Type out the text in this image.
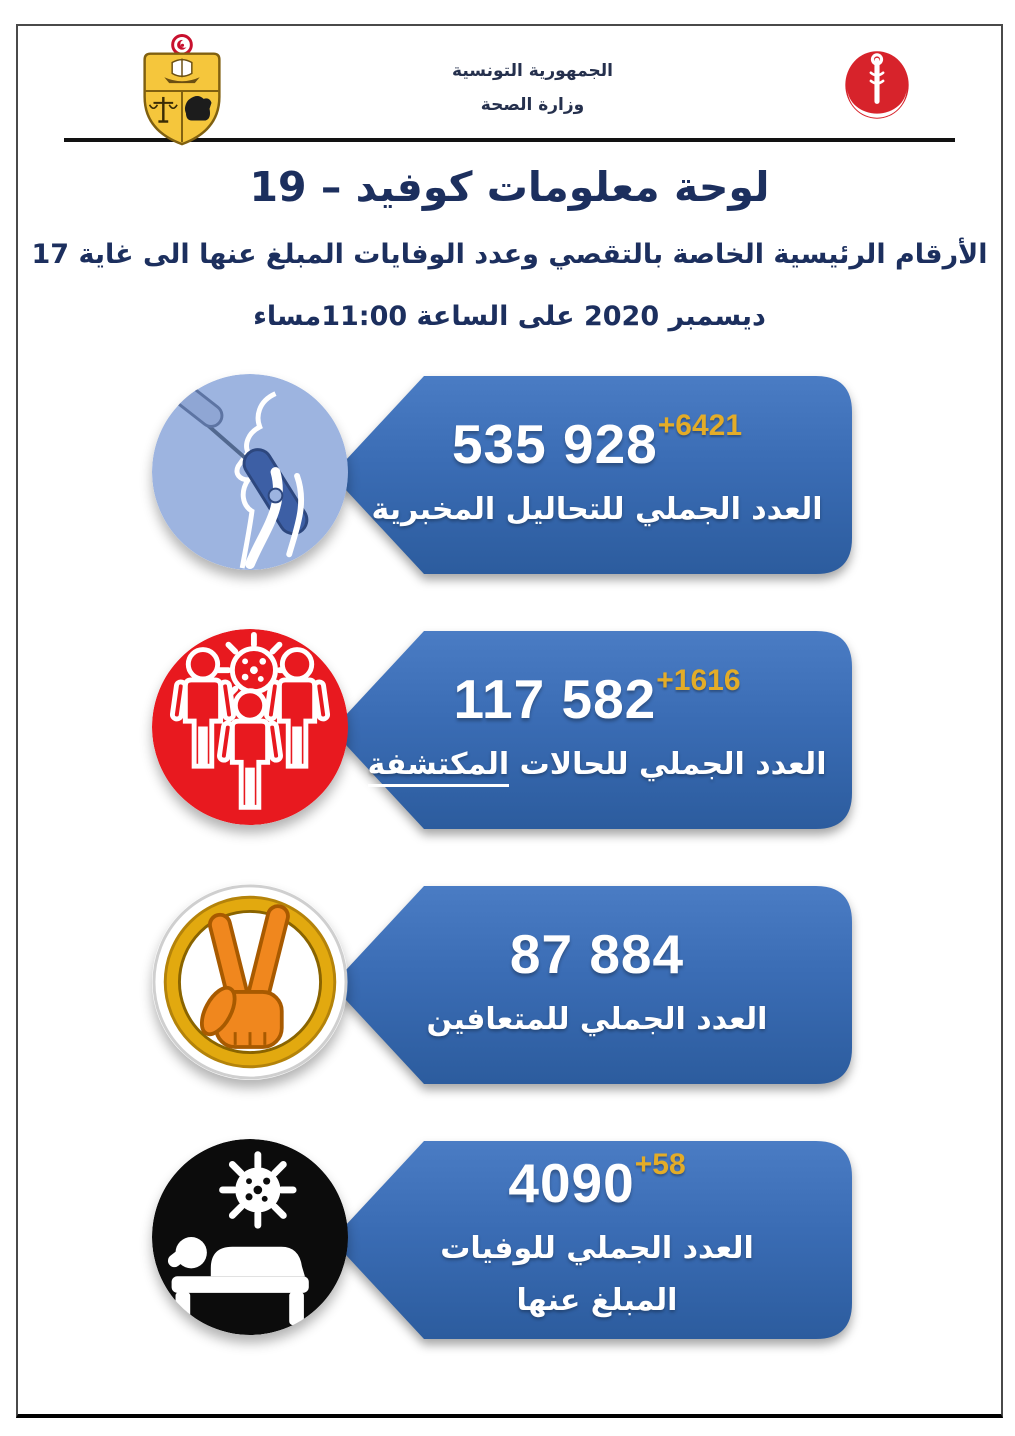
الجمهورية التونسية
وزارة الصحة
لوحة معلومات كوفيد – 19
الأرقام الرئيسية الخاصة بالتقصي وعدد الوفايات المبلغ عنها الى غاية 17
ديسمبر 2020 على الساعة 11:00مساء
535 928 +6421
العدد الجملي للتحاليل المخبرية
117 582 +1616
العدد الجملي للحالات المكتشفة
87 884
العدد الجملي للمتعافين
4090 +58
العدد الجملي للوفيات المبلغ عنها
